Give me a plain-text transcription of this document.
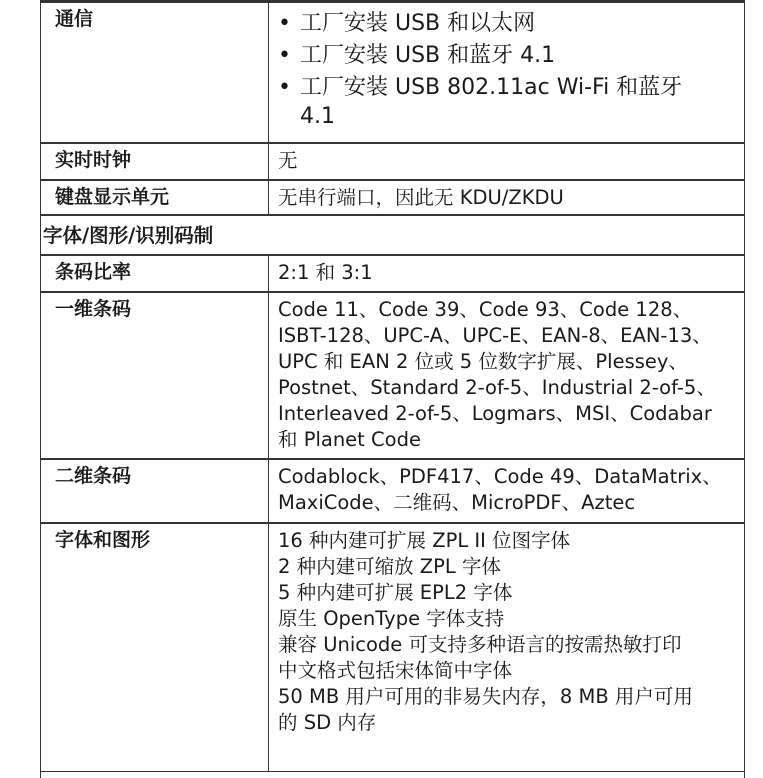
通信	• 工厂安装 USB 和以太网
• 工厂安装 USB 和蓝牙 4.1
• 工厂安装 USB 802.11ac Wi-Fi 和蓝牙 4.1
实时时钟	无
键盘显示单元	无串行端口，因此无 KDU/ZKDU
字体/图形/识别码制
条码比率	2:1 和 3:1
一维条码	Code 11、Code 39、Code 93、Code 128、ISBT-128、UPC-A、UPC-E、EAN-8、EAN-13、UPC 和 EAN 2 位或 5 位数字扩展、Plessey、Postnet、Standard 2-of-5、Industrial 2-of-5、Interleaved 2-of-5、Logmars、MSI、Codabar 和 Planet Code
二维条码	Codablock、PDF417、Code 49、DataMatrix、MaxiCode、二维码、MicroPDF、Aztec
字体和图形	16 种内建可扩展 ZPL II 位图字体
2 种内建可缩放 ZPL 字体
5 种内建可扩展 EPL2 字体
原生 OpenType 字体支持
兼容 Unicode 可支持多种语言的按需热敏打印
中文格式包括宋体简中字体
50 MB 用户可用的非易失内存，8 MB 用户可用的 SD 内存
